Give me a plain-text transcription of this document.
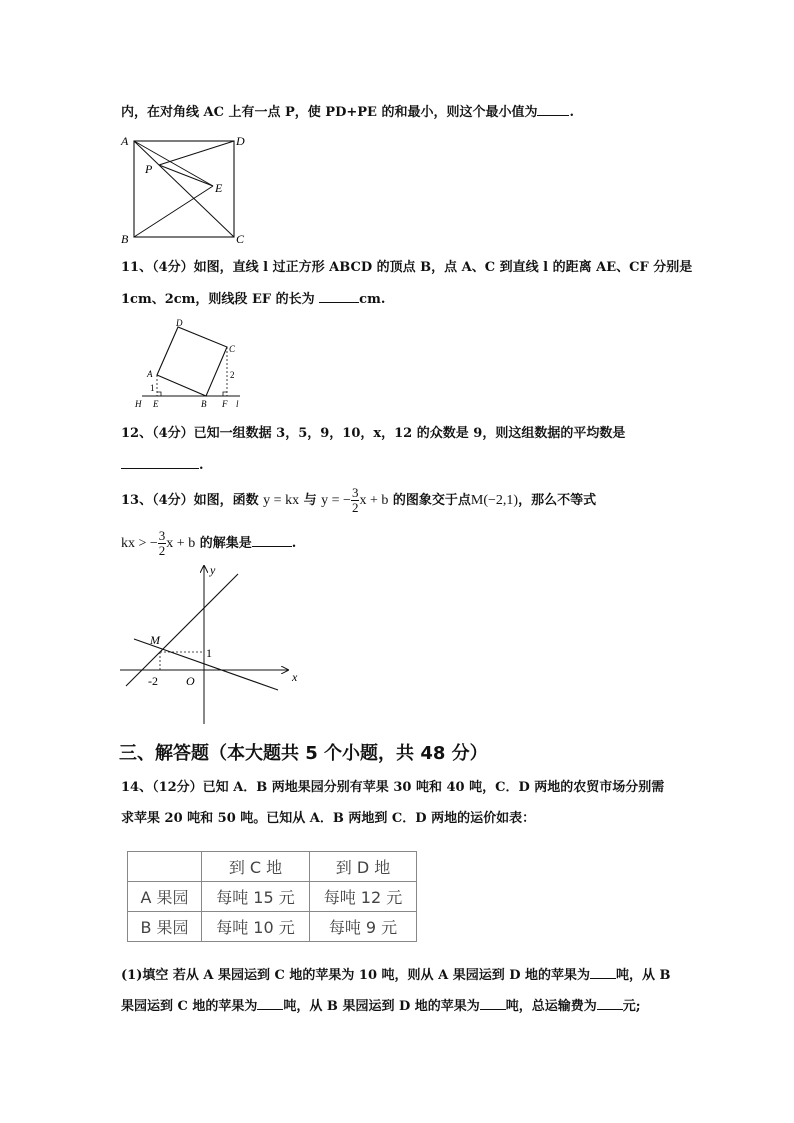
内，在对角线 AC 上有一点 P，使 PD+PE 的和最小，则这个最小值为 .
A	D
B	C
E
P
11、（4分）如图，直线 l 过正方形 ABCD 的顶点 B，点 A、C 到直线 l 的距离 AE、CF 分别是
1cm、2cm，则线段 EF 的长为	cm.
A
D
C
B
E	F
H	l
1
2
12、（4分）已知一组数据 3，5，9，10，x，12 的众数是 9，则这组数据的平均数是
.
13、（4分）如图，函数 y = kx 与 y = − $\frac{3}{2}$ x + b 的图象交于点M(−2,1)，那么不等式
kx > − $\frac{3}{2}$ x + b 的解集是	.
x
y
M
O
-2
1
三、解答题（本大题共 5 个小题，共 48 分）
14、（12分）已知 A．B 两地果园分别有苹果 30 吨和 40 吨，C．D 两地的农贸市场分别需
求苹果 20 吨和 50 吨。已知从 A．B 两地到 C．D 两地的运价如表：
	到 C 地	到 D 地
A 果园	每吨 15 元	每吨 12 元
B 果园	每吨 10 元	每吨 9 元
(1)填空 若从 A 果园运到 C 地的苹果为 10 吨，则从 A 果园运到 D 地的苹果为 吨，从 B
果园运到 C 地的苹果为 吨，从 B 果园运到 D 地的苹果为 吨，总运输费为 元;
